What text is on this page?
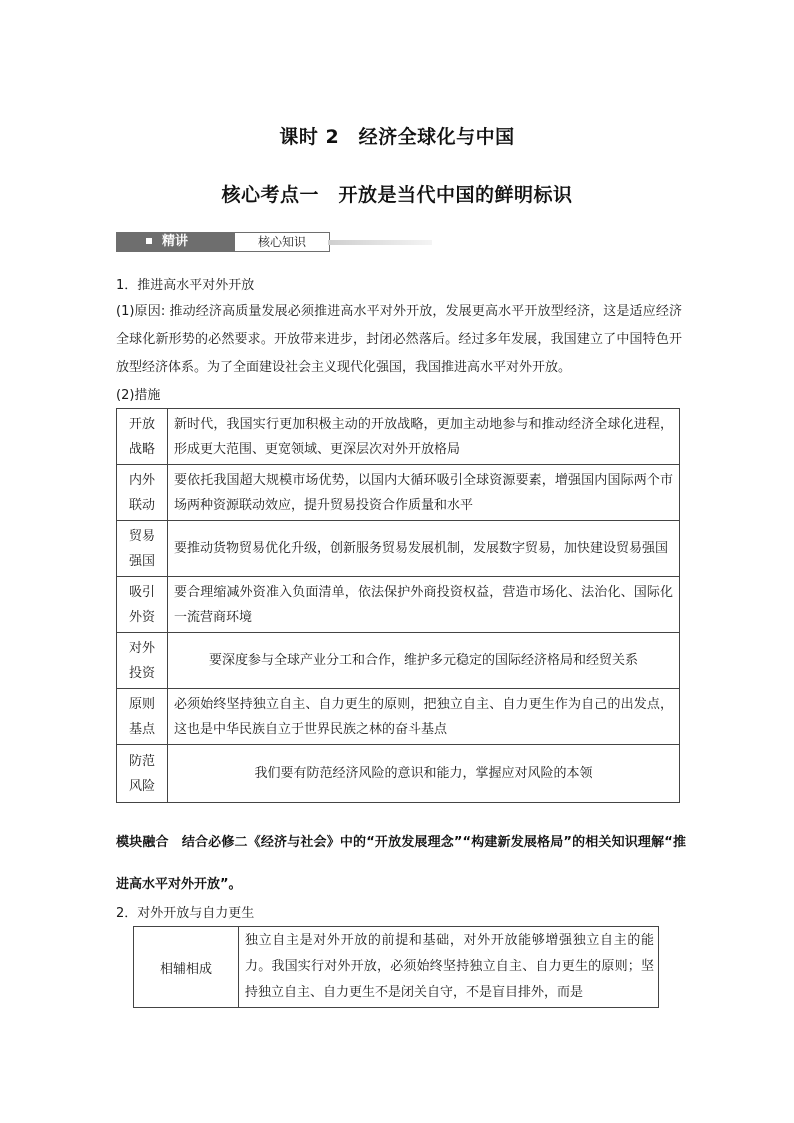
课时 2　经济全球化与中国
核心考点一　开放是当代中国的鲜明标识
精讲	核心知识
1．推进高水平对外开放
(1)原因: 推动经济高质量发展必须推进高水平对外开放，发展更高水平开放型经济，这是适应经济全球化新形势的必然要求。开放带来进步，封闭必然落后。经过多年发展，我国建立了中国特色开放型经济体系。为了全面建设社会主义现代化强国，我国推进高水平对外开放。
(2)措施
开放
战略	新时代，我国实行更加积极主动的开放战略，更加主动地参与和推动经济全球化进程，形成更大范围、更宽领域、更深层次对外开放格局
内外
联动	要依托我国超大规模市场优势，以国内大循环吸引全球资源要素，增强国内国际两个市场两种资源联动效应，提升贸易投资合作质量和水平
贸易
强国	要推动货物贸易优化升级，创新服务贸易发展机制，发展数字贸易，加快建设贸易强国
吸引
外资	要合理缩减外资准入负面清单，依法保护外商投资权益，营造市场化、法治化、国际化一流营商环境
对外
投资	要深度参与全球产业分工和合作，维护多元稳定的国际经济格局和经贸关系
原则
基点	必须始终坚持独立自主、自力更生的原则，把独立自主、自力更生作为自己的出发点，这也是中华民族自立于世界民族之林的奋斗基点
防范
风险	我们要有防范经济风险的意识和能力，掌握应对风险的本领
模块融合　结合必修二《经济与社会》中的“开放发展理念”“构建新发展格局”的相关知识理解“推进高水平对外开放”。
2．对外开放与自力更生
相辅相成	独立自主是对外开放的前提和基础，对外开放能够增强独立自主的能力。我国实行对外开放，必须始终坚持独立自主、自力更生的原则；坚持独立自主、自力更生不是闭关自守，不是盲目排外，而是
